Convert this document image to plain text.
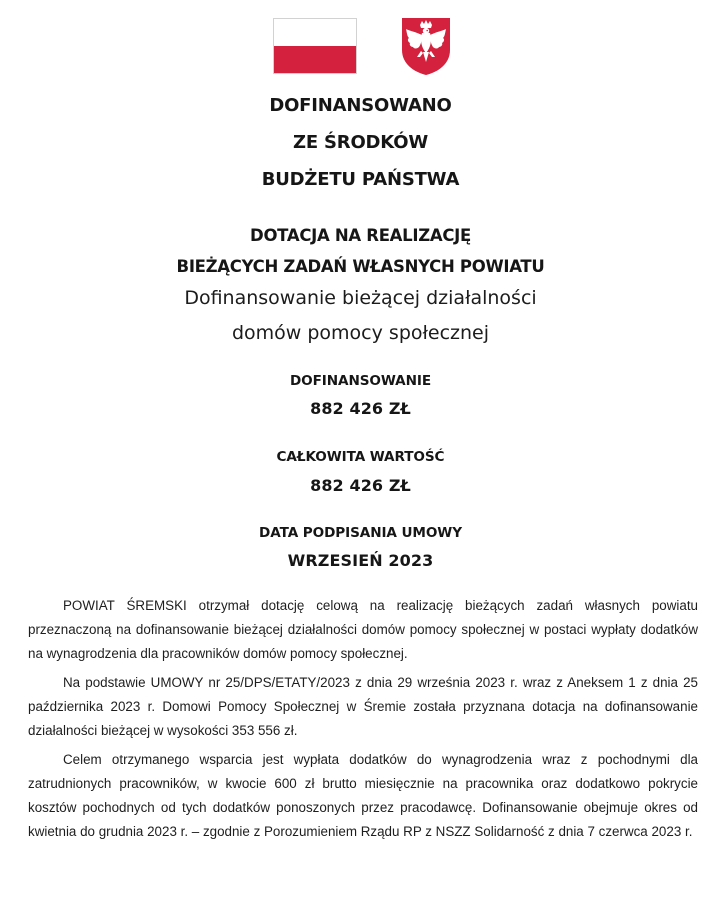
DOFINANSOWANO
ZE ŚRODKÓW
BUDŻETU PAŃSTWA
DOTACJA NA REALIZACJĘ
BIEŻĄCYCH ZADAŃ WŁASNYCH POWIATU
Dofinansowanie bieżącej działalności
domów pomocy społecznej
DOFINANSOWANIE
882 426 ZŁ
CAŁKOWITA WARTOŚĆ
882 426 ZŁ
DATA PODPISANIA UMOWY
WRZESIEŃ 2023

POWIAT ŚREMSKI otrzymał dotację celową na realizację bieżących zadań własnych powiatu przeznaczoną na dofinansowanie bieżącej działalności domów pomocy społecznej w postaci wypłaty dodatków na wynagrodzenia dla pracowników domów pomocy społecznej.

Na podstawie UMOWY nr 25/DPS/ETATY/2023 z dnia 29 września 2023 r. wraz z Aneksem 1 z dnia 25 października 2023 r. Domowi Pomocy Społecznej w Śremie została przyznana dotacja na dofinansowanie działalności bieżącej w wysokości 353 556 zł.

Celem otrzymanego wsparcia jest wypłata dodatków do wynagrodzenia wraz z pochodnymi dla zatrudnionych pracowników, w kwocie 600 zł brutto miesięcznie na pracownika oraz dodatkowo pokrycie kosztów pochodnych od tych dodatków ponoszonych przez pracodawcę. Dofinansowanie obejmuje okres od kwietnia do grudnia 2023 r. – zgodnie z Porozumieniem Rządu RP z NSZZ Solidarność z dnia 7 czerwca 2023 r.
